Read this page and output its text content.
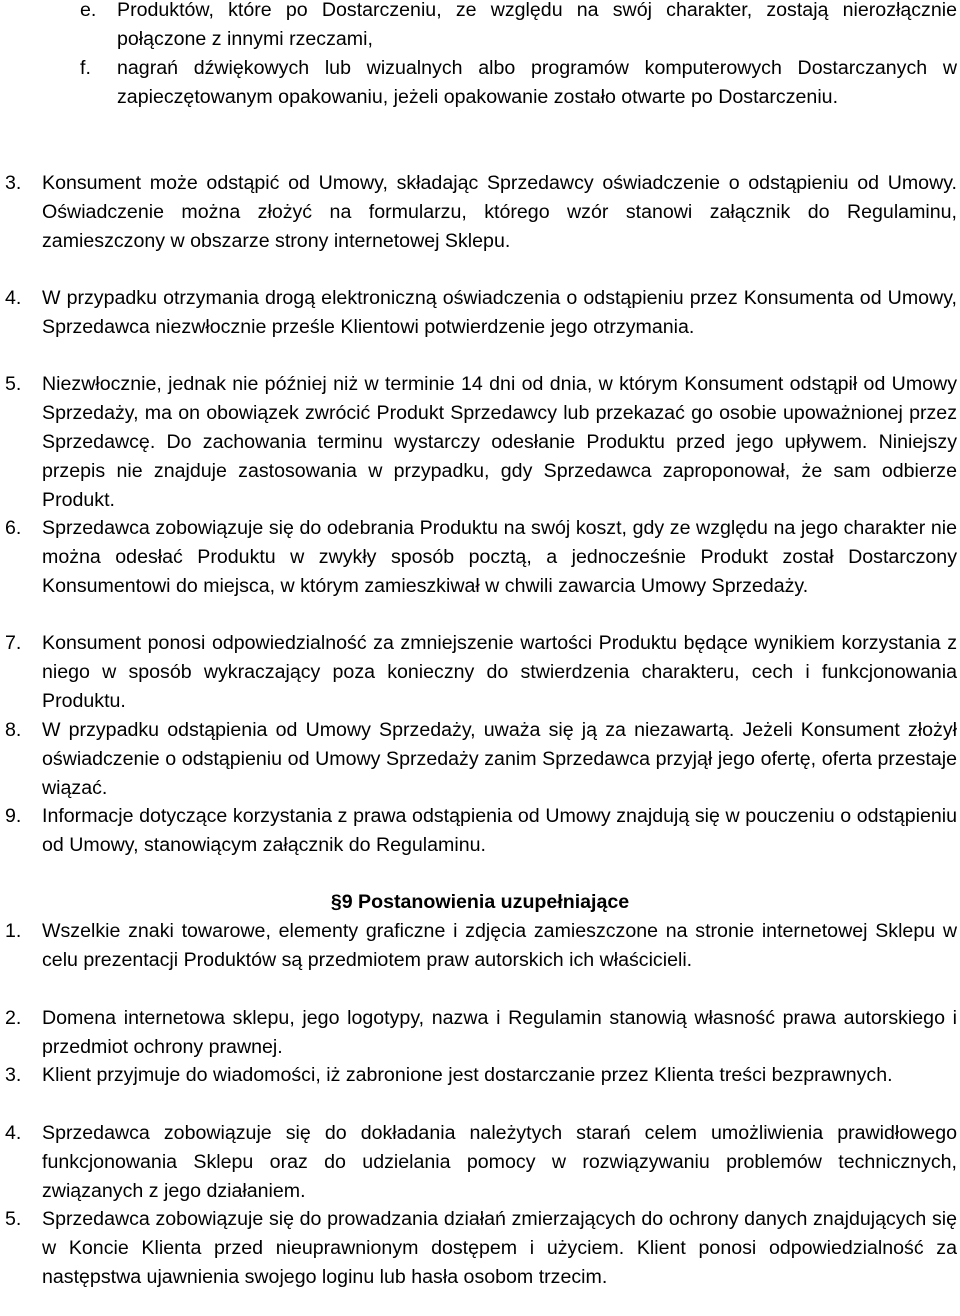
e.	Produktów, które po Dostarczeniu, ze względu na swój charakter, zostają nierozłącznie połączone z innymi rzeczami,
f.	nagrań dźwiękowych lub wizualnych albo programów komputerowych Dostarczanych w zapieczętowanym opakowaniu, jeżeli opakowanie zostało otwarte po Dostarczeniu.
3.	Konsument może odstąpić od Umowy, składając Sprzedawcy oświadczenie o odstąpieniu od Umowy. Oświadczenie można złożyć na formularzu, którego wzór stanowi załącznik do Regulaminu, zamieszczony w obszarze strony internetowej Sklepu.
4.	W przypadku otrzymania drogą elektroniczną oświadczenia o odstąpieniu przez Konsumenta od Umowy, Sprzedawca niezwłocznie prześle Klientowi potwierdzenie jego otrzymania.
5.	Niezwłocznie, jednak nie później niż w terminie 14 dni od dnia, w którym Konsument odstąpił od Umowy Sprzedaży, ma on obowiązek zwrócić Produkt Sprzedawcy lub przekazać go osobie upoważnionej przez Sprzedawcę. Do zachowania terminu wystarczy odesłanie Produktu przed jego upływem. Niniejszy przepis nie znajduje zastosowania w przypadku, gdy Sprzedawca zaproponował, że sam odbierze Produkt.
6.	Sprzedawca zobowiązuje się do odebrania Produktu na swój koszt, gdy ze względu na jego charakter nie można odesłać Produktu w zwykły sposób pocztą, a jednocześnie Produkt został Dostarczony Konsumentowi do miejsca, w którym zamieszkiwał w chwili zawarcia Umowy Sprzedaży.
7.	Konsument ponosi odpowiedzialność za zmniejszenie wartości Produktu będące wynikiem korzystania z niego w sposób wykraczający poza konieczny do stwierdzenia charakteru, cech i funkcjonowania Produktu.
8.	W przypadku odstąpienia od Umowy Sprzedaży, uważa się ją za niezawartą. Jeżeli Konsument złożył oświadczenie o odstąpieniu od Umowy Sprzedaży zanim Sprzedawca przyjął jego ofertę, oferta przestaje wiązać.
9.	Informacje dotyczące korzystania z prawa odstąpienia od Umowy znajdują się w pouczeniu o odstąpieniu od Umowy, stanowiącym załącznik do Regulaminu.
§9 Postanowienia uzupełniające
1.	Wszelkie znaki towarowe, elementy graficzne i zdjęcia zamieszczone na stronie internetowej Sklepu w celu prezentacji Produktów są przedmiotem praw autorskich ich właścicieli.
2.	Domena internetowa sklepu, jego logotypy, nazwa i Regulamin stanowią własność prawa autorskiego i przedmiot ochrony prawnej.
3.	Klient przyjmuje do wiadomości, iż zabronione jest dostarczanie przez Klienta treści bezprawnych.
4.	Sprzedawca zobowiązuje się do dokładania należytych starań celem umożliwienia prawidłowego funkcjonowania Sklepu oraz do udzielania pomocy w rozwiązywaniu problemów technicznych, związanych z jego działaniem.
5.	Sprzedawca zobowiązuje się do prowadzania działań zmierzających do ochrony danych znajdujących się w Koncie Klienta przed nieuprawnionym dostępem i użyciem. Klient ponosi odpowiedzialność za następstwa ujawnienia swojego loginu lub hasła osobom trzecim.
